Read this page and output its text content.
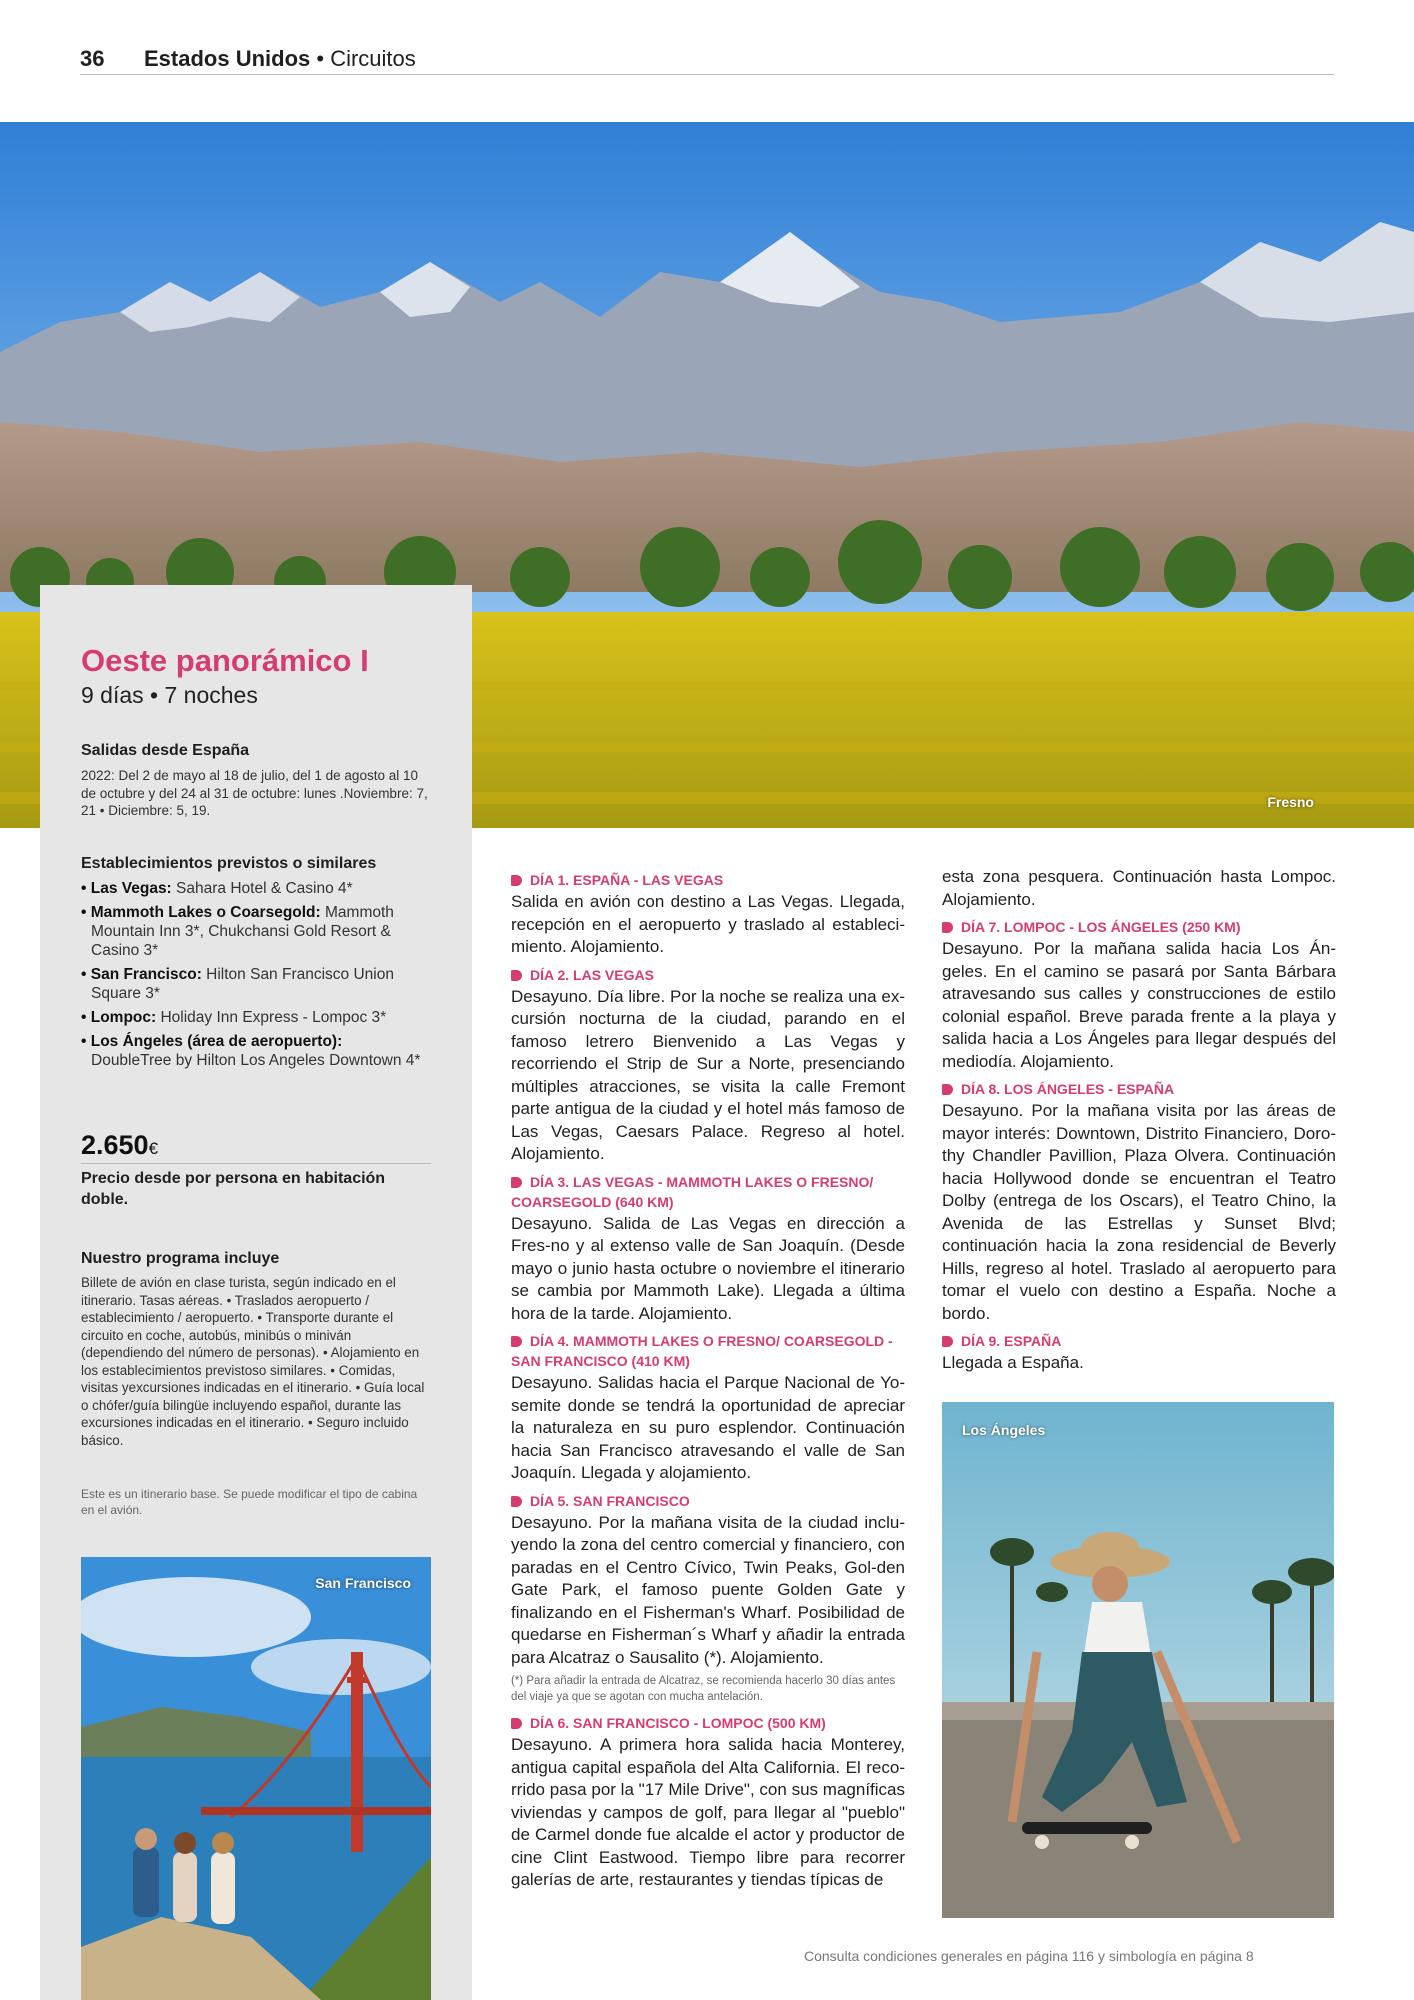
36 Estados Unidos • Circuitos
Fresno
Oeste panorámico I
9 días • 7 noches
Salidas desde España
2022: Del 2 de mayo al 18 de julio, del 1 de agosto al 10 de octubre y del 24 al 31 de octubre: lunes .Noviembre: 7, 21 • Diciembre: 5, 19.
Establecimientos previstos o similares
• Las Vegas: Sahara Hotel & Casino 4*
• Mammoth Lakes o Coarsegold: Mammoth Mountain Inn 3*, Chukchansi Gold Resort & Casino 3*
• San Francisco: Hilton San Francisco Union Square 3*
• Lompoc: Holiday Inn Express - Lompoc 3*
• Los Ángeles (área de aeropuerto): DoubleTree by Hilton Los Angeles Downtown 4*
2.650€
Precio desde por persona en habitación doble.
Nuestro programa incluye
Billete de avión en clase turista, según indicado en el itinerario. Tasas aéreas. • Traslados aeropuerto / establecimiento / aeropuerto. • Transporte durante el circuito en coche, autobús, minibús o miniván (dependiendo del número de personas). • Alojamiento en los establecimientos previstoso similares. • Comidas, visitas yexcursiones indicadas en el itinerario. • Guía local o chófer/guía bilingüe incluyendo español, durante las excursiones indicadas en el itinerario. • Seguro incluido básico.
Este es un itinerario base. Se puede modificar el tipo de cabina en el avión.
San Francisco
DÍA 1. ESPAÑA - LAS VEGAS
Salida en avión con destino a Las Vegas. Llegada, recepción en el aeropuerto y traslado al estableci-miento. Alojamiento.
DÍA 2. LAS VEGAS
Desayuno. Día libre. Por la noche se realiza una ex-cursión nocturna de la ciudad, parando en el famoso letrero Bienvenido a Las Vegas y recorriendo el Strip de Sur a Norte, presenciando múltiples atracciones, se visita la calle Fremont parte antigua de la ciudad y el hotel más famoso de Las Vegas, Caesars Palace. Regreso al hotel. Alojamiento.
DÍA 3. LAS VEGAS - MAMMOTH LAKES O FRESNO/ COARSEGOLD (640 KM)
Desayuno. Salida de Las Vegas en dirección a Fres-no y al extenso valle de San Joaquín. (Desde mayo o junio hasta octubre o noviembre el itinerario se cambia por Mammoth Lake). Llegada a última hora de la tarde. Alojamiento.
DÍA 4. MAMMOTH LAKES O FRESNO/ COARSEGOLD - SAN FRANCISCO (410 KM)
Desayuno. Salidas hacia el Parque Nacional de Yo-semite donde se tendrá la oportunidad de apreciar la naturaleza en su puro esplendor. Continuación hacia San Francisco atravesando el valle de San Joaquín. Llegada y alojamiento.
DÍA 5. SAN FRANCISCO
Desayuno. Por la mañana visita de la ciudad inclu-yendo la zona del centro comercial y financiero, con paradas en el Centro Cívico, Twin Peaks, Gol-den Gate Park, el famoso puente Golden Gate y finalizando en el Fisherman's Wharf. Posibilidad de quedarse en Fisherman´s Wharf y añadir la entrada para Alcatraz o Sausalito (*). Alojamiento.
(*) Para añadir la entrada de Alcatraz, se recomienda hacerlo 30 días antes del viaje ya que se agotan con mucha antelación.
DÍA 6. SAN FRANCISCO - LOMPOC (500 KM)
Desayuno. A primera hora salida hacia Monterey, antigua capital española del Alta California. El reco-rrido pasa por la "17 Mile Drive", con sus magníficas viviendas y campos de golf, para llegar al "pueblo" de Carmel donde fue alcalde el actor y productor de cine Clint Eastwood. Tiempo libre para recorrer galerías de arte, restaurantes y tiendas típicas de
esta zona pesquera. Continuación hasta Lompoc. Alojamiento.
DÍA 7. LOMPOC - LOS ÁNGELES (250 KM)
Desayuno. Por la mañana salida hacia Los Án-geles. En el camino se pasará por Santa Bárbara atravesando sus calles y construcciones de estilo colonial español. Breve parada frente a la playa y salida hacia a Los Ángeles para llegar después del mediodía. Alojamiento.
DÍA 8. LOS ÁNGELES - ESPAÑA
Desayuno. Por la mañana visita por las áreas de mayor interés: Downtown, Distrito Financiero, Doro-thy Chandler Pavillion, Plaza Olvera. Continuación hacia Hollywood donde se encuentran el Teatro Dolby (entrega de los Oscars), el Teatro Chino, la Avenida de las Estrellas y Sunset Blvd; continuación hacia la zona residencial de Beverly Hills, regreso al hotel. Traslado al aeropuerto para tomar el vuelo con destino a España. Noche a bordo.
DÍA 9. ESPAÑA
Llegada a España.
Los Ángeles
Consulta condiciones generales en página 116 y simbología en página 8
